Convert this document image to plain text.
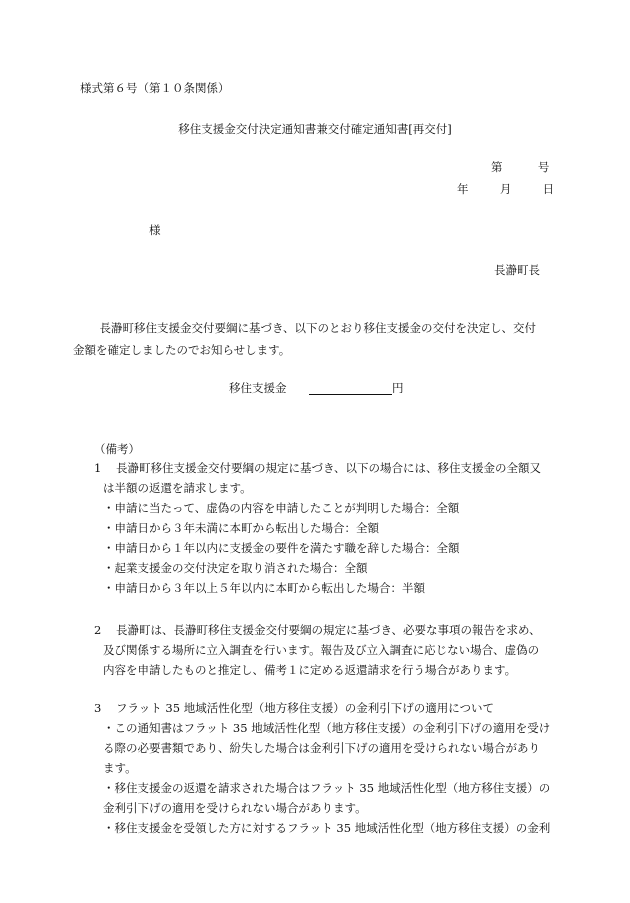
様式第６号（第１０条関係）
移住支援金交付決定通知書兼交付確定通知書[再交付]
第	号
年	月	日
様
長瀞町長
長瀞町移住支援金交付要綱に基づき、以下のとおり移住支援金の交付を決定し、交付
金額を確定しましたのでお知らせします。
移住支援金	円
（備考）
1 長瀞町移住支援金交付要綱の規定に基づき、以下の場合には、移住支援金の全額又
は半額の返還を請求します。
・申請に当たって、虚偽の内容を申請したことが判明した場合：全額
・申請日から３年未満に本町から転出した場合：全額
・申請日から１年以内に支援金の要件を満たす職を辞した場合：全額
・起業支援金の交付決定を取り消された場合：全額
・申請日から３年以上５年以内に本町から転出した場合：半額
2 長瀞町は、長瀞町移住支援金交付要綱の規定に基づき、必要な事項の報告を求め、
及び関係する場所に立入調査を行います。報告及び立入調査に応じない場合、虚偽の
内容を申請したものと推定し、備考１に定める返還請求を行う場合があります。
3 フラット 35 地域活性化型（地方移住支援）の金利引下げの適用について
・この通知書はフラット 35 地域活性化型（地方移住支援）の金利引下げの適用を受け
る際の必要書類であり、紛失した場合は金利引下げの適用を受けられない場合があり
ます。
・移住支援金の返還を請求された場合はフラット 35 地域活性化型（地方移住支援）の
金利引下げの適用を受けられない場合があります。
・移住支援金を受領した方に対するフラット 35 地域活性化型（地方移住支援）の金利
